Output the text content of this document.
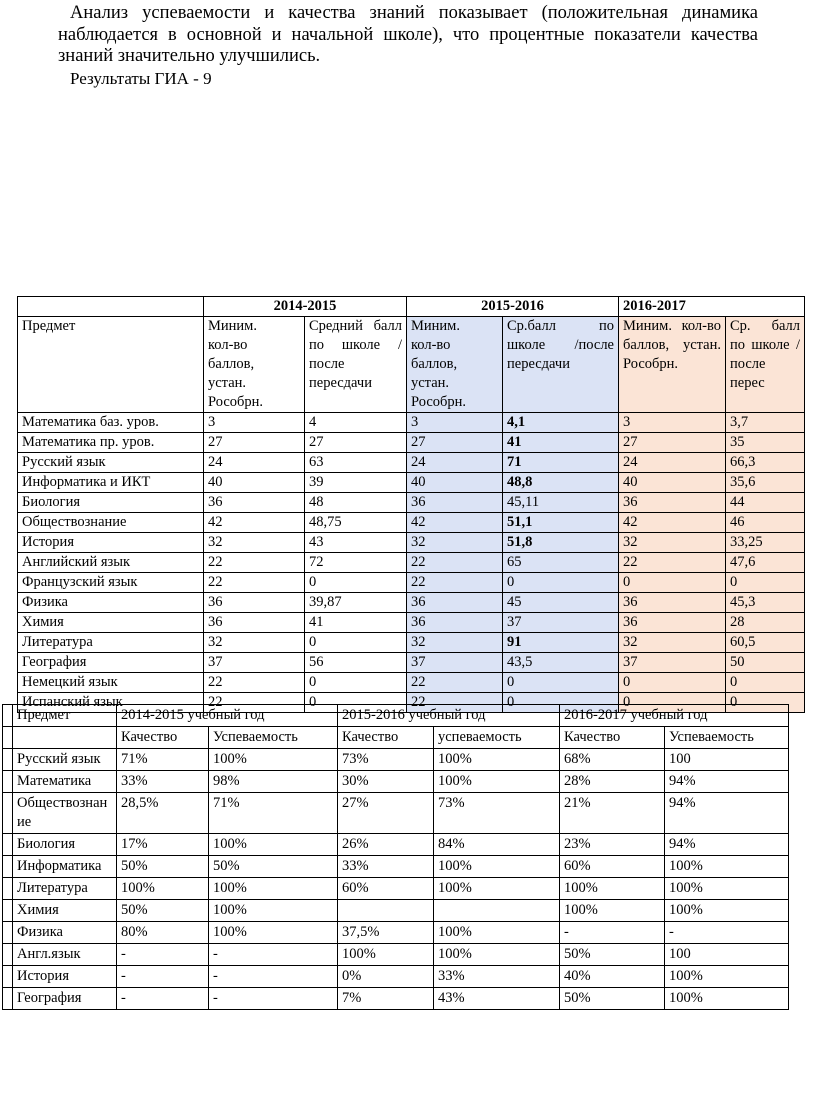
Анализ успеваемости и качества знаний показывает (положительная динамика наблюдается в основной и начальной школе), что процентные показатели качества знаний значительно улучшились.

Результаты ГИА - 9

	2014-2015		2015-2016		2016-2017	
Предмет	Миним. кол-во баллов, устан. Рособрн.	Средний балл по школе / после пересдачи	Миним. кол-во баллов, устан. Рособрн.	Ср.балл по школе /после пересдачи	Миним. кол-во баллов, устан. Рособрн.	Ср. балл по школе / после перес
Математика баз. уров.	3	4	3	4,1	3	3,7
Математика пр. уров.	27	27	27	41	27	35
Русский язык	24	63	24	71	24	66,3
Информатика и ИКТ	40	39	40	48,8	40	35,6
Биология	36	48	36	45,11	36	44
Обществознание	42	48,75	42	51,1	42	46
История	32	43	32	51,8	32	33,25
Английский язык	22	72	22	65	22	47,6
Французский язык	22	0	22	0	0	0
Физика	36	39,87	36	45	36	45,3
Химия	36	41	36	37	36	28
Литература	32	0	32	91	32	60,5
География	37	56	37	43,5	37	50
Немецкий язык	22	0	22	0	0	0
Испанский язык	22	0	22	0	0	0
	Предмет	2014-2015 учебный год		2015-2016 учебный год		2016-2017 учебный год	
		Качество	Успеваемость	Качество	успеваемость	Качество	Успеваемость
	Русский язык	71%	100%	73%	100%	68%	100
	Математика	33%	98%	30%	100%	28%	94%
	Обществознание	28,5%	71%	27%	73%	21%	94%
	Биология	17%	100%	26%	84%	23%	94%
	Информатика	50%	50%	33%	100%	60%	100%
	Литература	100%	100%	60%	100%	100%	100%
	Химия	50%	100%			100%	100%
	Физика	80%	100%	37,5%	100%	-	-
	Англ.язык	-	-	100%	100%	50%	100
	История	-	-	0%	33%	40%	100%
	География	-	-	7%	43%	50%	100%
